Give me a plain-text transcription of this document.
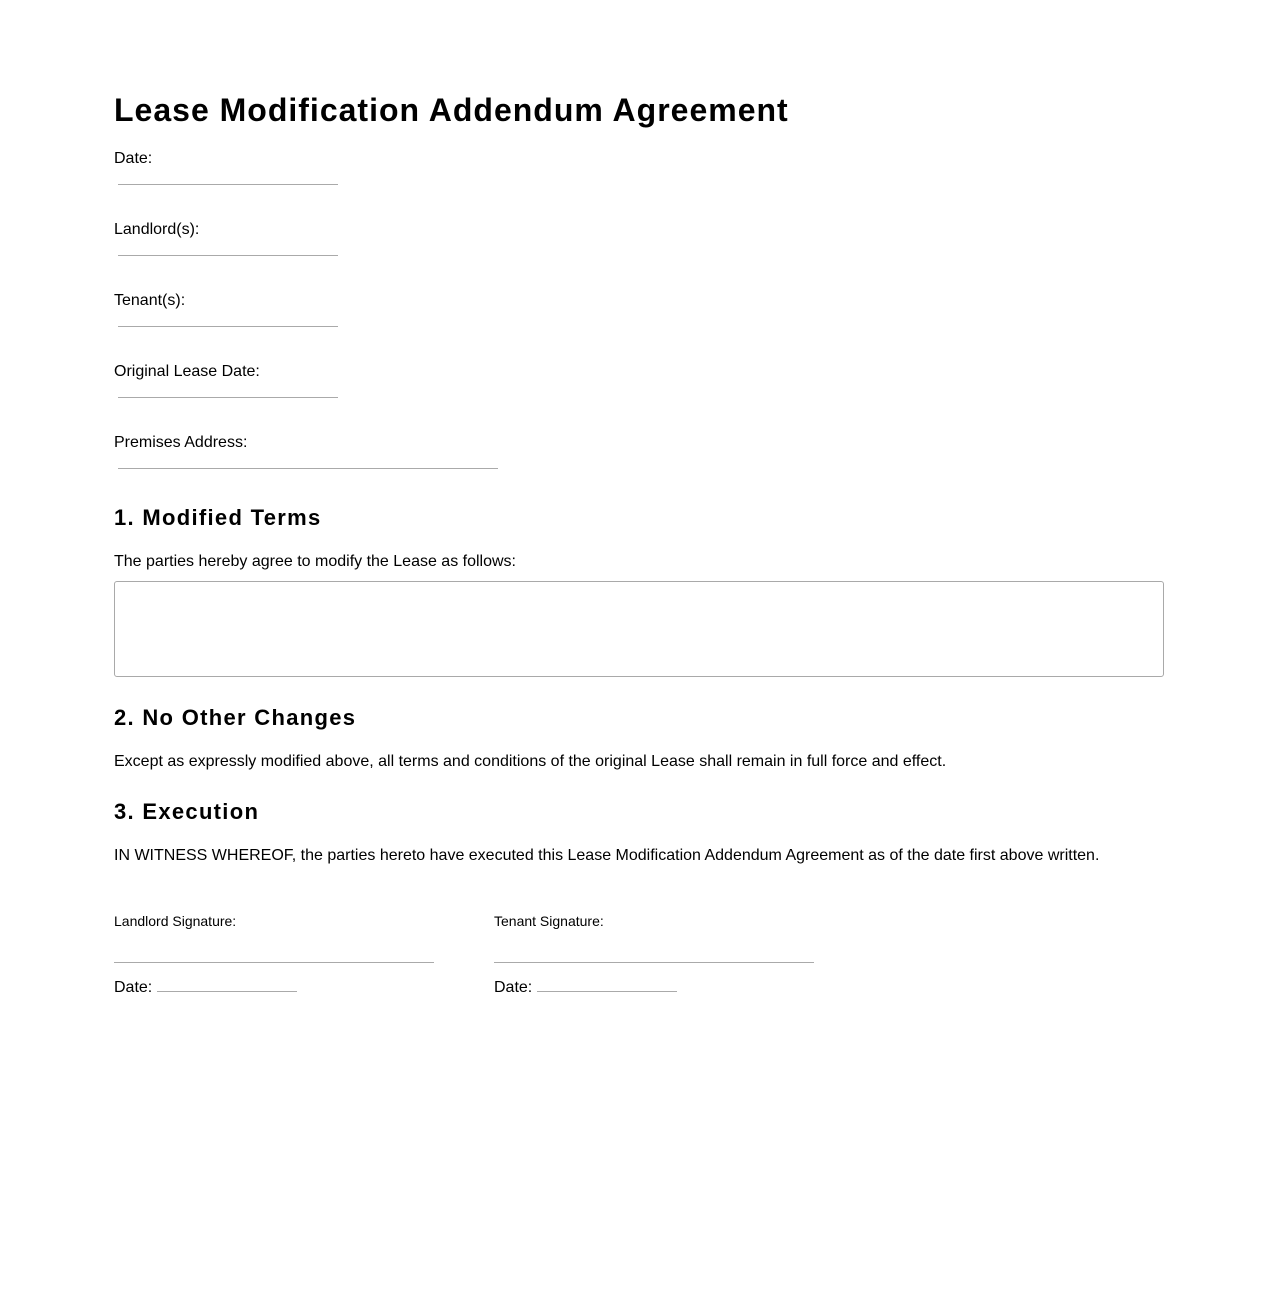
Lease Modification Addendum Agreement
Date:
Landlord(s):
Tenant(s):
Original Lease Date:
Premises Address:
1. Modified Terms

The parties hereby agree to modify the Lease as follows:

2. No Other Changes

Except as expressly modified above, all terms and conditions of the original Lease shall remain in full force and effect.

3. Execution

IN WITNESS WHEREOF, the parties hereto have executed this Lease Modification Addendum Agreement as of the date first above written.

Landlord Signature:
Date:
Tenant Signature:
Date:
